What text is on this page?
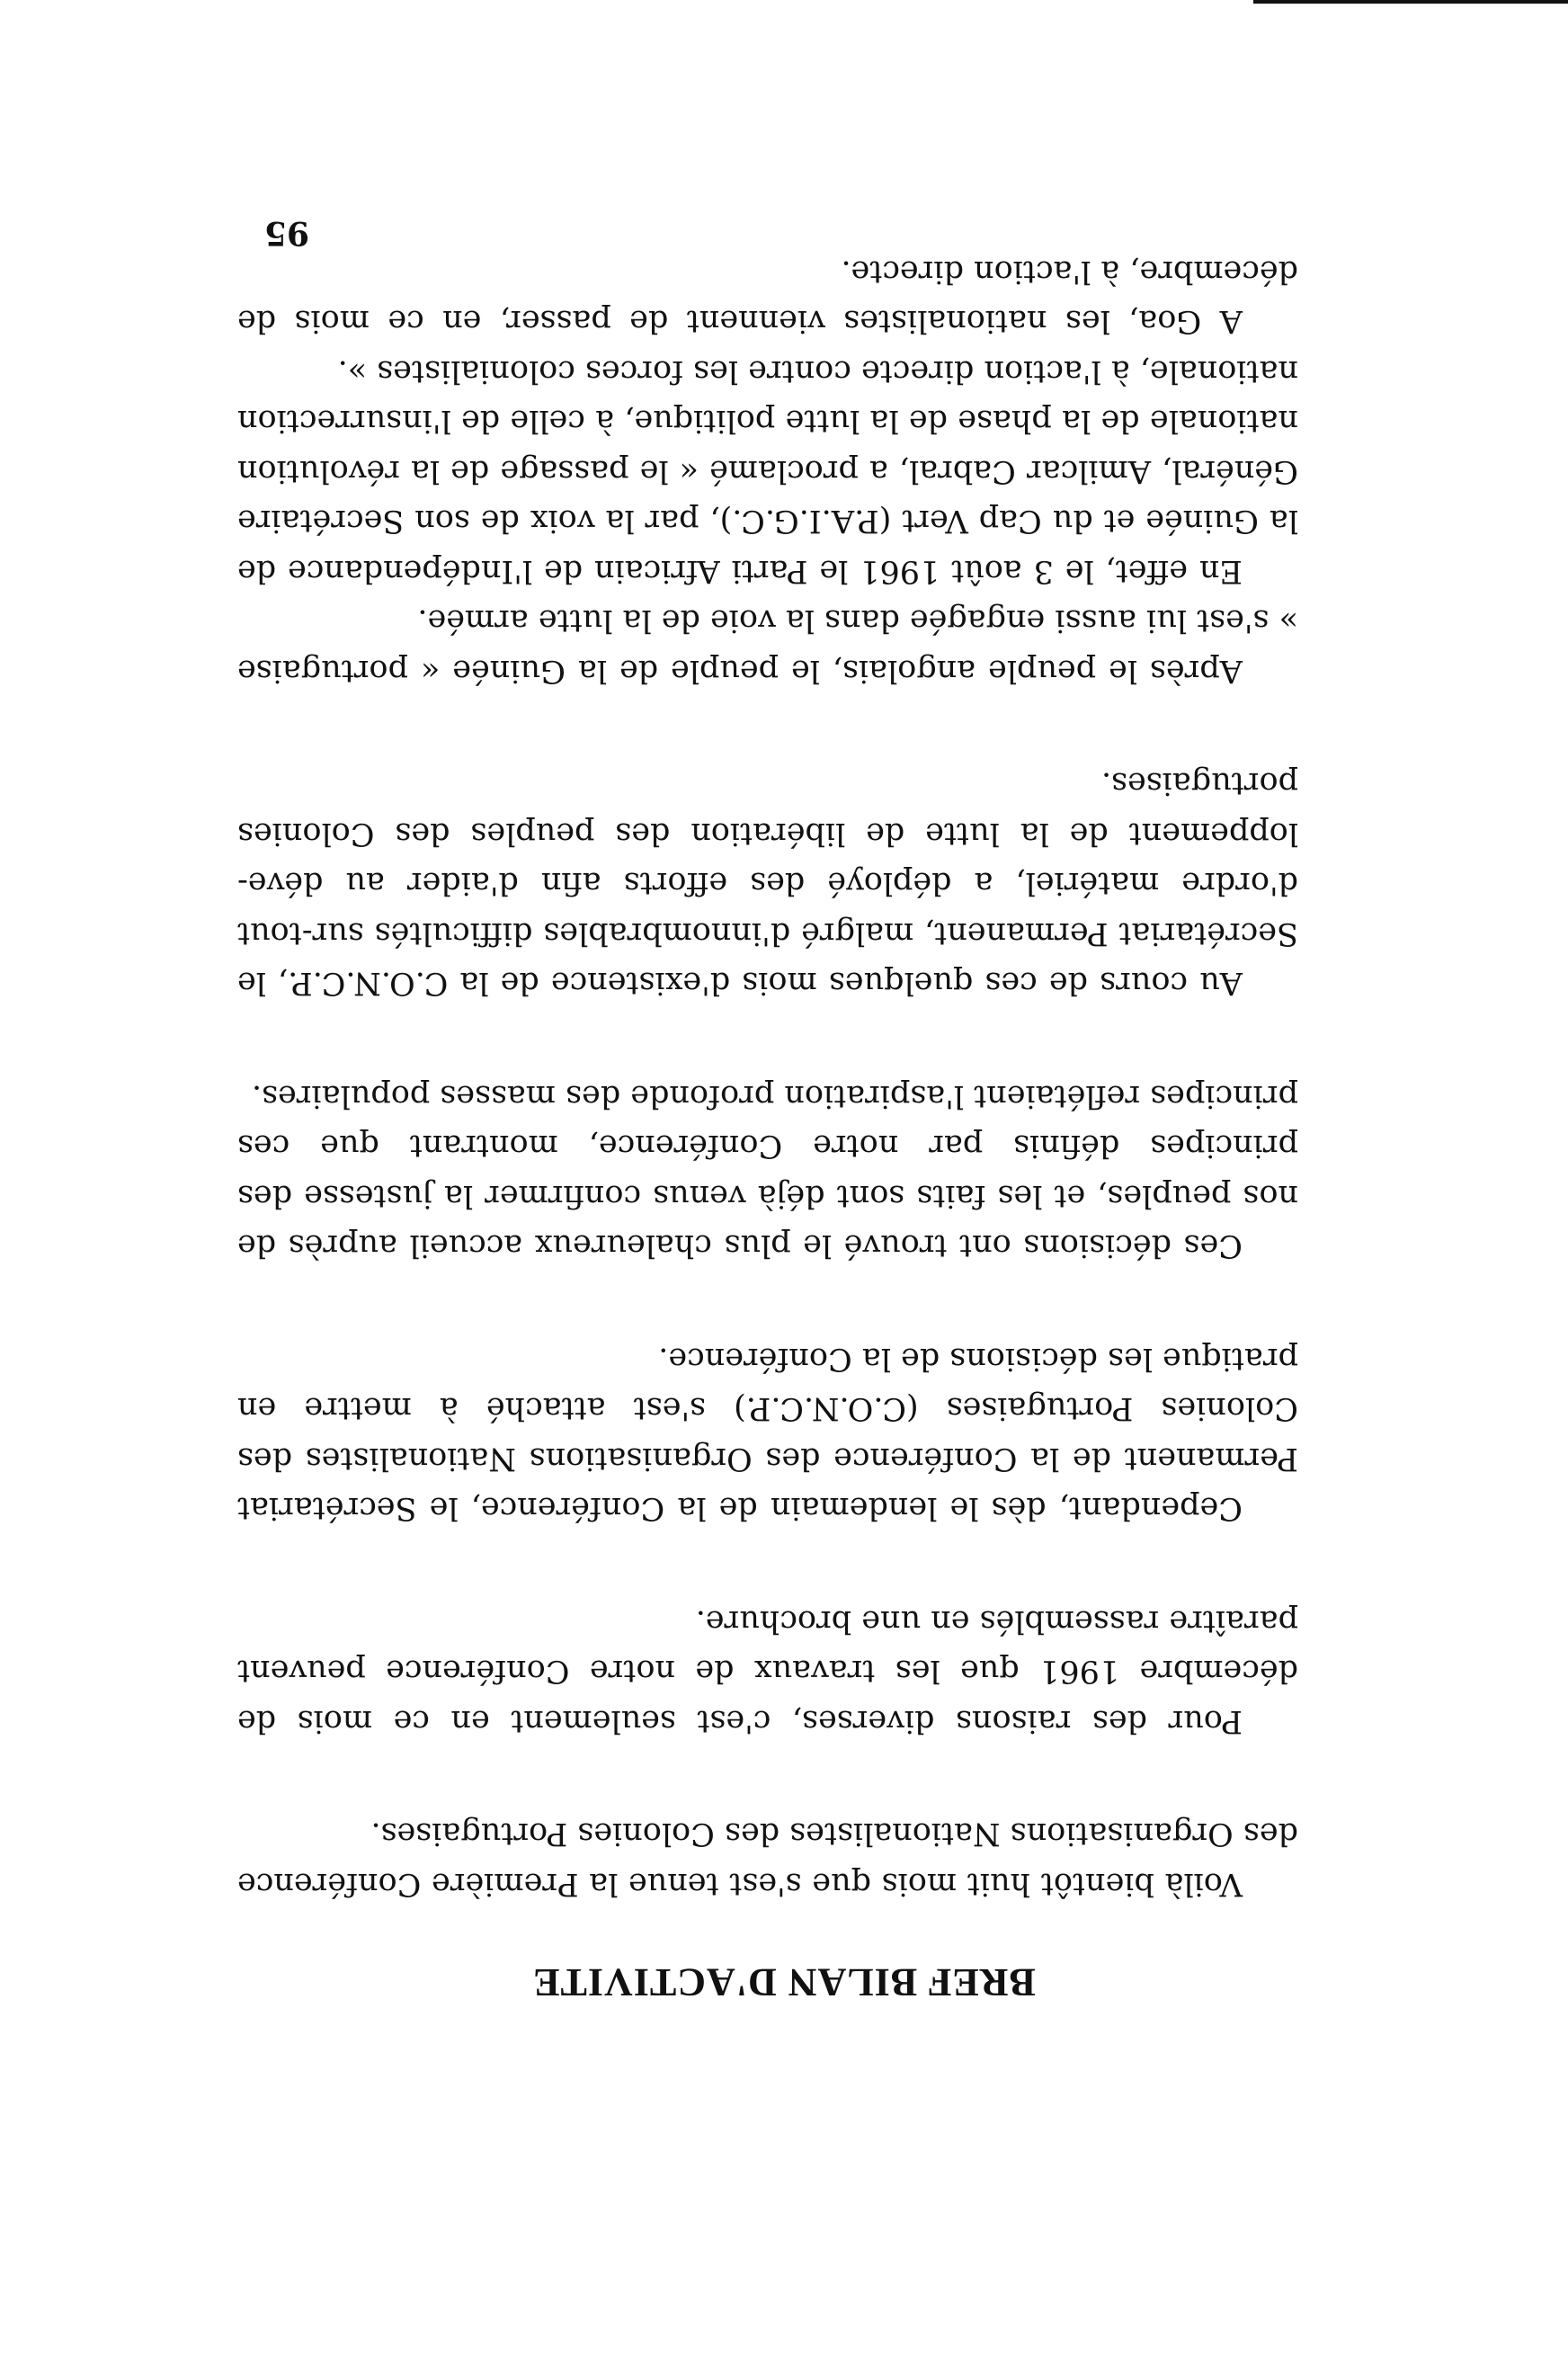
BREF BILAN D'ACTIVITE

Voilà bientôt huit mois que s'est tenue la Première Conférence des Organisations Nationalistes des Colonies Portugaises.

Pour des raisons diverses, c'est seulement en ce mois de décembre 1961 que les travaux de notre Conférence peuvent paraître rassemblés en une brochure.

Cependant, dès le lendemain de la Conférence, le Secrétariat Permanent de la Conférence des Organisations Nationalistes des Colonies Portugaises (C.O.N.C.P.) s'est attaché à mettre en pratique les décisions de la Conférence.

Ces décisions ont trouvé le plus chaleureux accueil auprès de nos peuples, et les faits sont déjà venus confirmer la justesse des principes définis par notre Conférence, montrant que ces principes reflétaient l'aspiration profonde des masses populaires.

Au cours de ces quelques mois d'existence de la C.O.N.C.P., le Secrétariat Permanent, malgré d'innombrables difficultés sur-tout d'ordre matériel, a déployé des efforts afin d'aider au déve-loppement de la lutte de libération des peuples des Colonies portugaises.

Après le peuple angolais, le peuple de la Guinée « portugaise » s'est lui aussi engagée dans la voie de la lutte armée.

En effet, le 3 août 1961 le Parti Africain de l'Indépendance de la Guinée et du Cap Vert (P.A.I.G.C.), par la voix de son Secrétaire Général, Amilcar Cabral, a proclamé « le passage de la révolution nationale de la phase de la lutte politique, à celle de l'insurrection nationale, à l'action directe contre les forces colonialistes ».

A Goa, les nationalistes viennent de passer, en ce mois de décembre, à l'action directe.

95
